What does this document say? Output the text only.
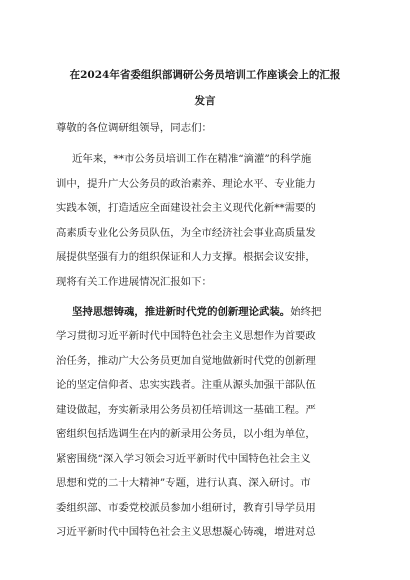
在2024年省委组织部调研公务员培训工作座谈会上的汇报

发言

尊敬的各位调研组领导，同志们：

近年来，**市公务员培训工作在精准“滴灌”的科学施

训中，提升广大公务员的政治素养、理论水平、专业能力

实践本领，打造适应全面建设社会主义现代化新**需要的

高素质专业化公务员队伍，为全市经济社会事业高质量发

展提供坚强有力的组织保证和人力支撑。根据会议安排，

现将有关工作进展情况汇报如下：

坚持思想铸魂，推进新时代党的创新理论武装。始终把

学习贯彻习近平新时代中国特色社会主义思想作为首要政

治任务，推动广大公务员更加自觉地做新时代党的创新理

论的坚定信仰者、忠实实践者。注重从源头加强干部队伍

建设做起，夯实新录用公务员初任培训这一基础工程。严

密组织包括选调生在内的新录用公务员，以小组为单位，

紧密围绕“深入学习领会习近平新时代中国特色社会主义

思想和党的二十大精神”专题，进行认真、深入研讨。市

委组织部、市委党校派员参加小组研讨，教育引导学员用

习近平新时代中国特色社会主义思想凝心铸魂，增进对总
